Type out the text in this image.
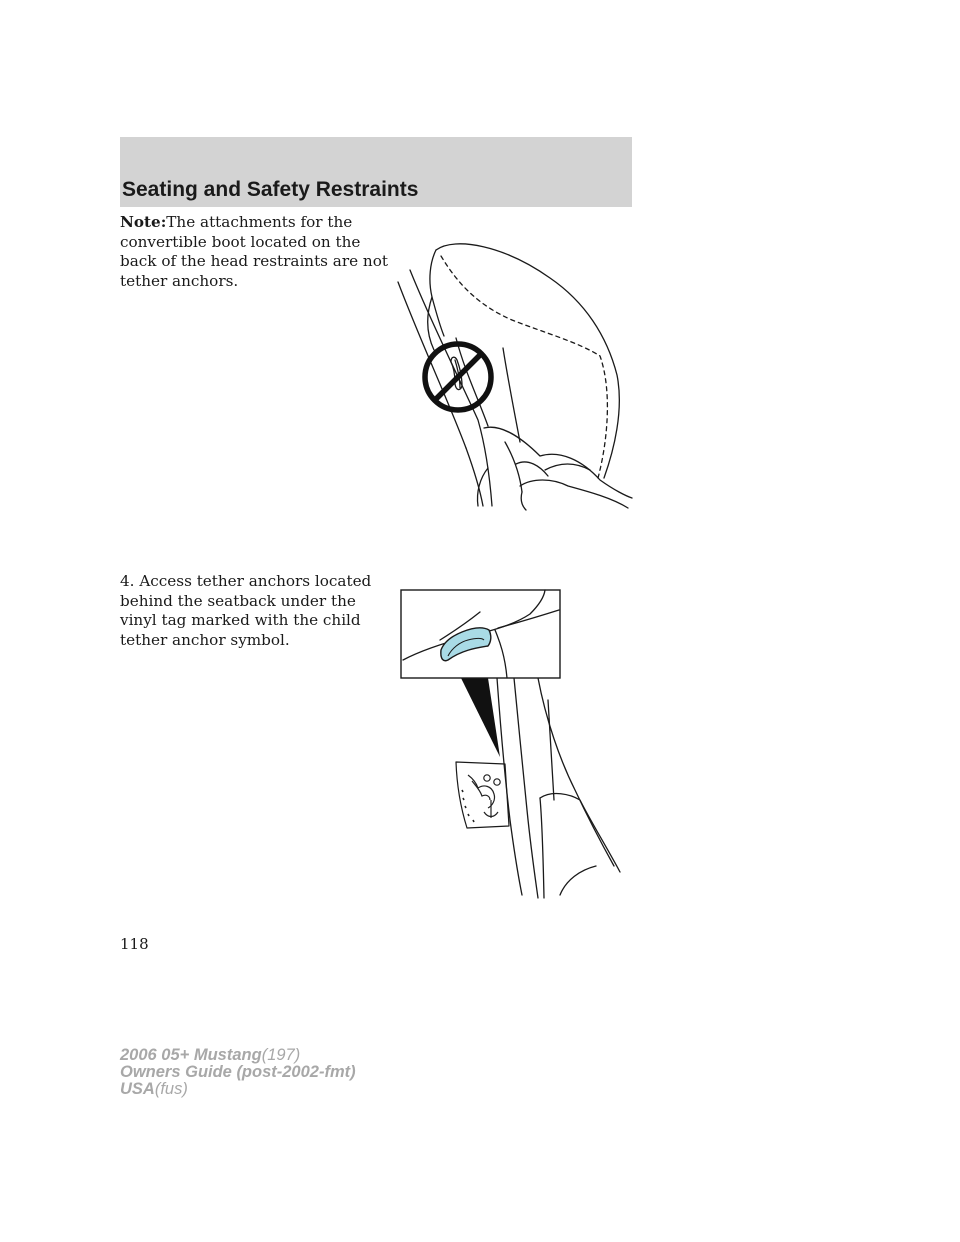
Seating and Safety Restraints
Note:The attachments for the convertible boot located on the back of the head restraints are not tether anchors.
4. Access tether anchors located behind the seatback under the vinyl tag marked with the child tether anchor symbol.
118
2006 05+ Mustang(197)
Owners Guide (post-2002-fmt)
USA(fus)
